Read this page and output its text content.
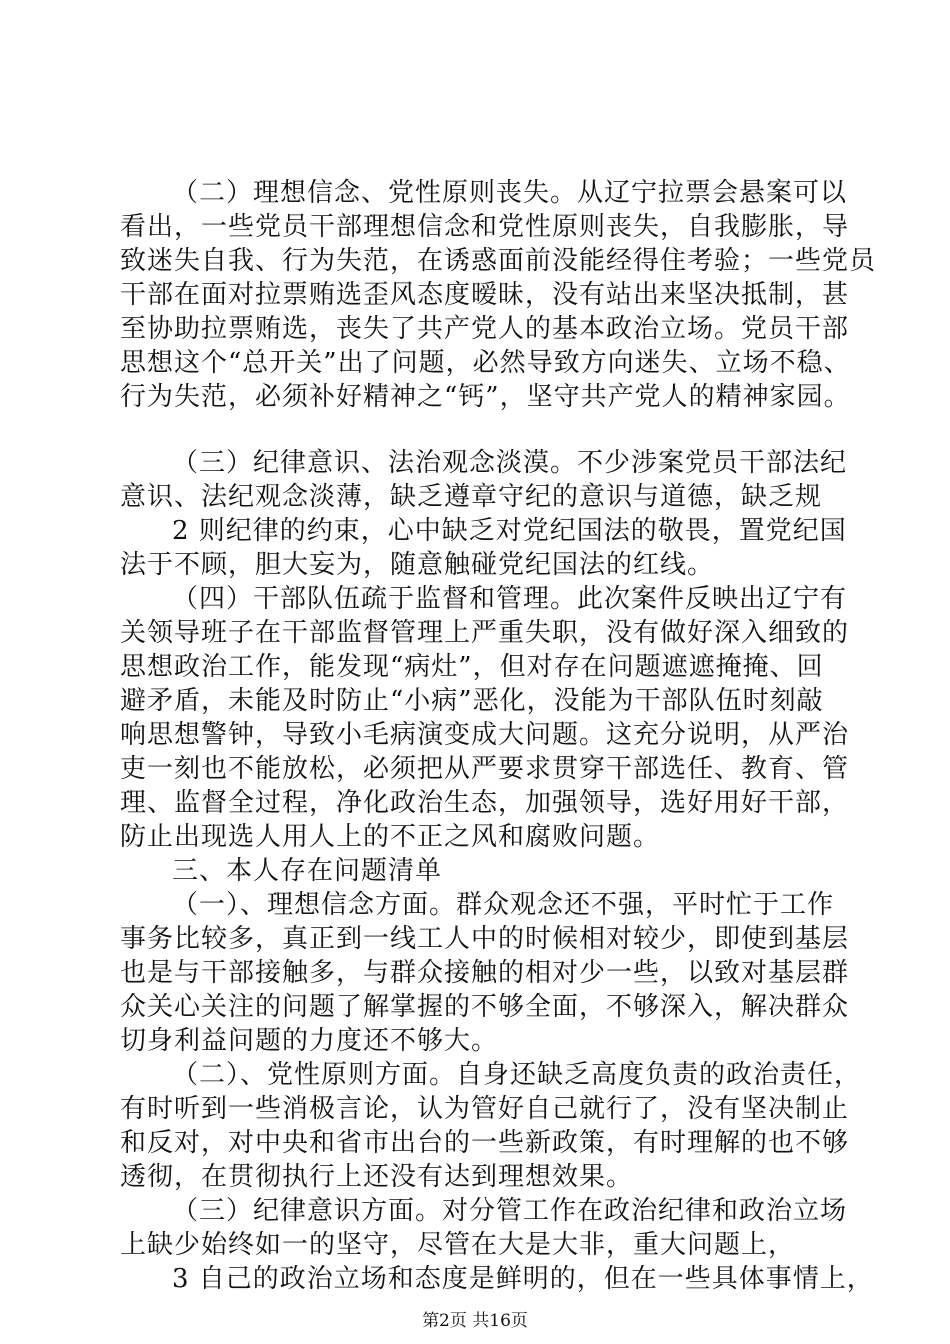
（二）理想信念、党性原则丧失。从辽宁拉票会悬案可以
看出，一些党员干部理想信念和党性原则丧失，自我膨胀，导
致迷失自我、行为失范，在诱惑面前没能经得住考验；一些党员
干部在面对拉票贿选歪风态度暧昧，没有站出来坚决抵制，甚
至协助拉票贿选，丧失了共产党人的基本政治立场。党员干部
思想这个“总开关”出了问题，必然导致方向迷失、立场不稳、
行为失范，必须补好精神之“钙”，坚守共产党人的精神家园。
（三）纪律意识、法治观念淡漠。不少涉案党员干部法纪
意识、法纪观念淡薄，缺乏遵章守纪的意识与道德，缺乏规
2 则纪律的约束，心中缺乏对党纪国法的敬畏，置党纪国
法于不顾，胆大妄为，随意触碰党纪国法的红线。
（四）干部队伍疏于监督和管理。此次案件反映出辽宁有
关领导班子在干部监督管理上严重失职，没有做好深入细致的
思想政治工作，能发现“病灶”，但对存在问题遮遮掩掩、回
避矛盾，未能及时防止“小病”恶化，没能为干部队伍时刻敲
响思想警钟，导致小毛病演变成大问题。这充分说明，从严治
吏一刻也不能放松，必须把从严要求贯穿干部选任、教育、管
理、监督全过程，净化政治生态，加强领导，选好用好干部，
防止出现选人用人上的不正之风和腐败问题。
三、本人存在问题清单
（一）、理想信念方面。群众观念还不强，平时忙于工作
事务比较多，真正到一线工人中的时候相对较少，即使到基层
也是与干部接触多，与群众接触的相对少一些，以致对基层群
众关心关注的问题了解掌握的不够全面，不够深入，解决群众
切身利益问题的力度还不够大。
（二）、党性原则方面。自身还缺乏高度负责的政治责任，
有时听到一些消极言论，认为管好自己就行了，没有坚决制止
和反对，对中央和省市出台的一些新政策，有时理解的也不够
透彻，在贯彻执行上还没有达到理想效果。
（三）纪律意识方面。对分管工作在政治纪律和政治立场
上缺少始终如一的坚守，尽管在大是大非，重大问题上，
3 自己的政治立场和态度是鲜明的，但在一些具体事情上，
第2页 共16页
